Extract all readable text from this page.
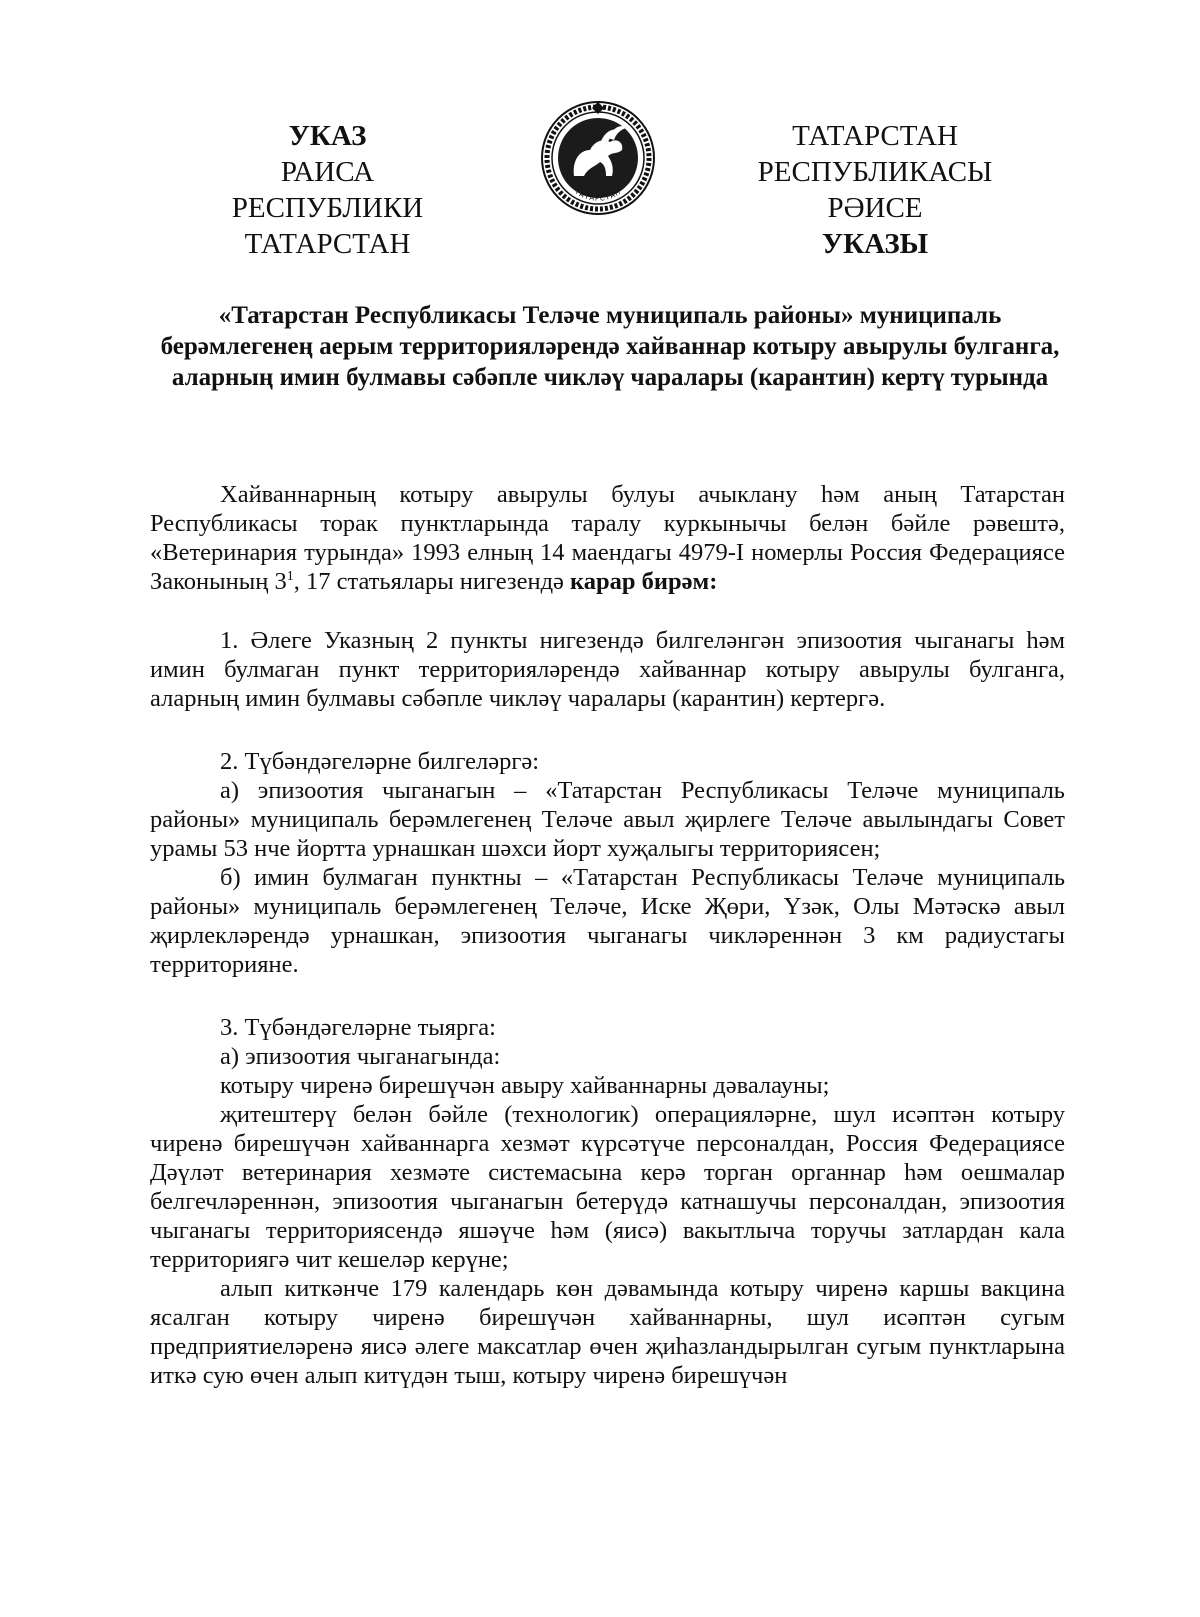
УКАЗ
РАИСА
РЕСПУБЛИКИ ТАТАРСТАН
ТАТАРСТАН
ТАТАРСТАН РЕСПУБЛИКАСЫ
РӘИСЕ
УКАЗЫ
«Татарстан Республикасы Теләче муниципаль районы» муниципаль берәмлегенең аерым территорияләрендә хайваннар котыру авырулы булганга, аларның имин булмавы сәбәпле чикләү чаралары (карантин) кертү турында

Хайваннарның котыру авырулы булуы ачыклану һәм аның Татарстан Республикасы торак пунктларында таралу куркынычы белән бәйле рәвештә, «Ветеринария турында» 1993 елның 14 маендагы 4979-I номерлы Россия Федерациясе Законының $3^1$, 17 статьялары нигезендә карар бирәм:

1. Әлеге Указның 2 пункты нигезендә билгеләнгән эпизоотия чыганагы һәм имин булмаган пункт территорияләрендә хайваннар котыру авырулы булганга, аларның имин булмавы сәбәпле чикләү чаралары (карантин) кертергә.

2. Түбәндәгеләрне билгеләргә:

а) эпизоотия чыганагын – «Татарстан Республикасы Теләче муниципаль районы» муниципаль берәмлегенең Теләче авыл җирлеге Теләче авылындагы Совет урамы 53 нче йортта урнашкан шәхси йорт хуҗалыгы территориясен;

б) имин булмаган пунктны – «Татарстан Республикасы Теләче муниципаль районы» муниципаль берәмлегенең Теләче, Иске Җөри, Үзәк, Олы Мәтәскә авыл җирлекләрендә урнашкан, эпизоотия чыганагы чикләреннән 3 км радиустагы территорияне.

3. Түбәндәгеләрне тыярга:

а) эпизоотия чыганагында:

котыру чиренә бирешүчән авыру хайваннарны дәвалауны;

җитештерү белән бәйле (технологик) операцияләрне, шул исәптән котыру чиренә бирешүчән хайваннарга хезмәт күрсәтүче персоналдан, Россия Федерациясе Дәүләт ветеринария хезмәте системасына керә торган органнар һәм оешмалар белгечләреннән, эпизоотия чыганагын бетерүдә катнашучы персоналдан, эпизоотия чыганагы территориясендә яшәүче һәм (яисә) вакытлыча торучы затлардан кала территориягә чит кешеләр керүне;

алып киткәнче 179 календарь көн дәвамында котыру чиренә каршы вакцина ясалган котыру чиренә бирешүчән хайваннарны, шул исәптән сугым предприятиеләренә яисә әлеге максатлар өчен җиһазландырылган сугым пунктларына иткә сую өчен алып китүдән тыш, котыру чиренә бирешүчән
